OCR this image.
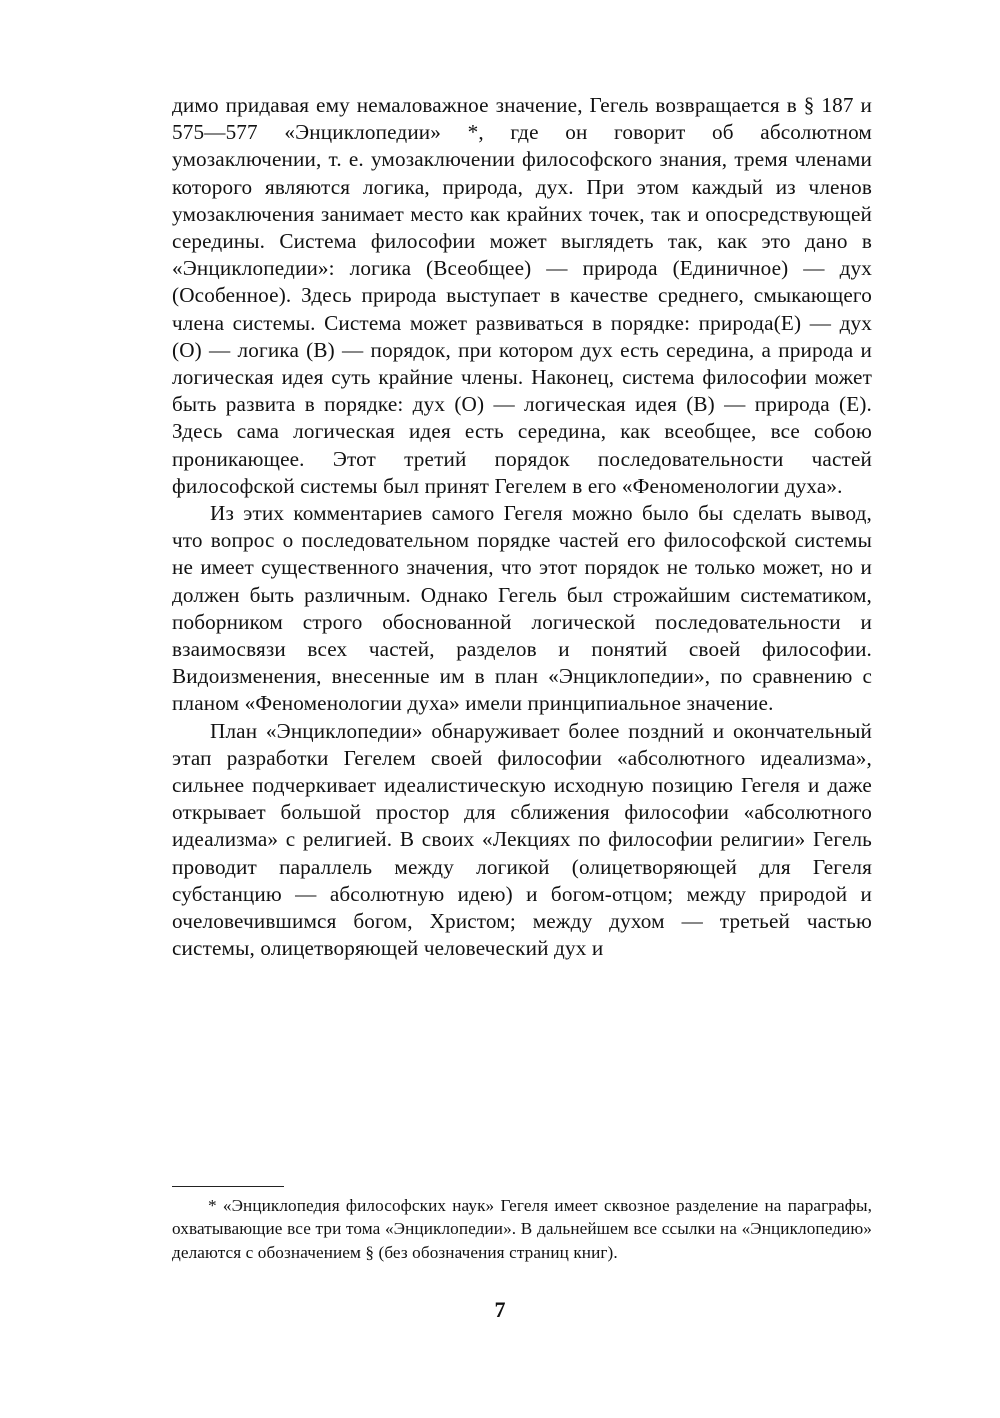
димо придавая ему немаловажное значение, Гегель возвращается в § 187 и 575—577 «Энциклопедии» *, где он говорит об абсолютном умозаключении, т. е. умозаключении философского знания, тремя членами которого являются логика, природа, дух. При этом каждый из членов умозаключения занимает место как крайних точек, так и опосредствующей середины. Система философии может выглядеть так, как это дано в «Энциклопедии»: логика (Всеобщее) — природа (Единичное) — дух (Особенное). Здесь природа выступает в качестве среднего, смыкающего члена системы. Система может развиваться в порядке: природа(Е) — дух (О) — логика (В) — порядок, при котором дух есть середина, а природа и логическая идея суть крайние члены. Наконец, система философии может быть развита в порядке: дух (О) — логическая идея (В) — природа (Е). Здесь сама логическая идея есть середина, как всеобщее, все собою проникающее. Этот третий порядок последовательности частей философской системы был принят Гегелем в его «Феноменологии духа».

Из этих комментариев самого Гегеля можно было бы сделать вывод, что вопрос о последовательном порядке частей его философской системы не имеет существенного значения, что этот порядок не только может, но и должен быть различным. Однако Гегель был строжайшим систематиком, поборником строго обоснованной логической последовательности и взаимосвязи всех частей, разделов и понятий своей философии. Видоизменения, внесенные им в план «Энциклопедии», по сравнению с планом «Феноменологии духа» имели принципиальное значение.

План «Энциклопедии» обнаруживает более поздний и окончательный этап разработки Гегелем своей философии «абсолютного идеализма», сильнее подчеркивает идеалистическую исходную позицию Гегеля и даже открывает большой простор для сближения философии «абсолютного идеализма» с религией. В своих «Лекциях по философии религии» Гегель проводит параллель между логикой (олицетворяющей для Гегеля субстанцию — абсолютную идею) и богом-отцом; между природой и очеловечившимся богом, Христом; между духом — третьей частью системы, олицетворяющей человеческий дух и

* «Энциклопедия философских наук» Гегеля имеет сквозное разделение на параграфы, охватывающие все три тома «Энциклопедии». В дальнейшем все ссылки на «Энциклопедию» делаются с обозначением § (без обозначения страниц книг).
7
